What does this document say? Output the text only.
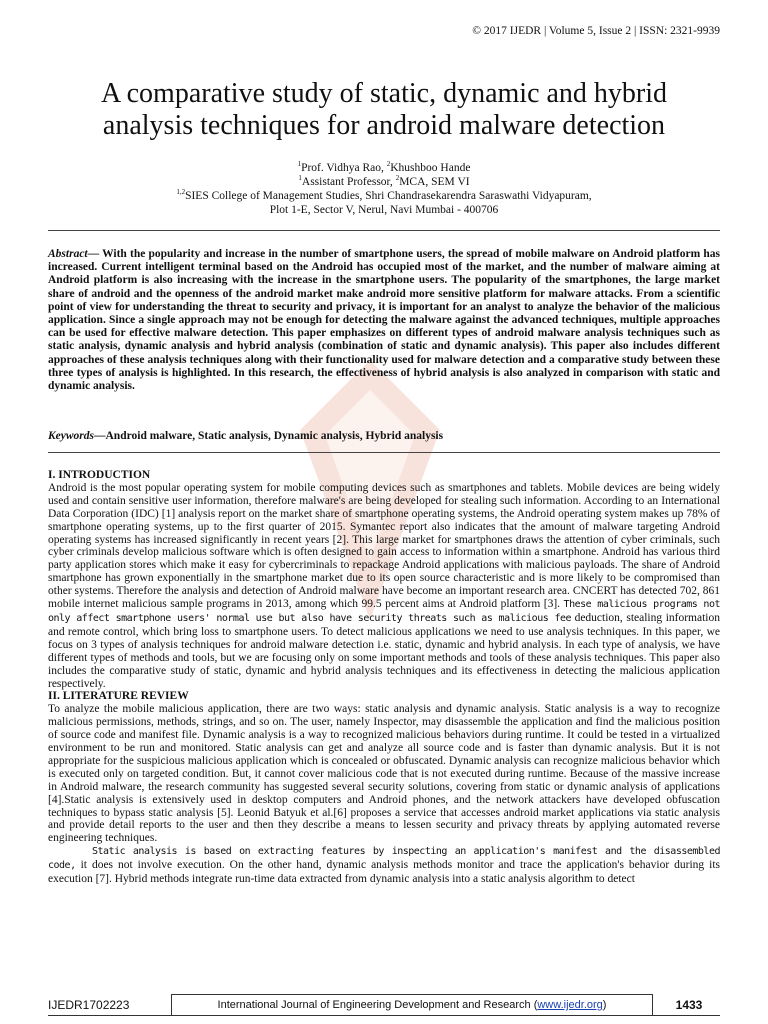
© 2017 IJEDR | Volume 5, Issue 2 | ISSN: 2321-9939
A comparative study of static, dynamic and hybrid
analysis techniques for android malware detection
$^1$Prof. Vidhya Rao, $^2$Khushboo Hande
$^1$Assistant Professor, $^2$MCA, SEM VI
$^{1,2}$SIES College of Management Studies, Shri Chandrasekarendra Saraswathi Vidyapuram,
Plot 1-E, Sector V, Nerul, Navi Mumbai - 400706
Abstract— With the popularity and increase in the number of smartphone users, the spread of mobile malware on Android platform has increased. Current intelligent terminal based on the Android has occupied most of the market, and the number of malware aiming at Android platform is also increasing with the increase in the smartphone users. The popularity of the smartphones, the large market share of android and the openness of the android market make android more sensitive platform for malware attacks. From a scientific point of view for understanding the threat to security and privacy, it is important for an analyst to analyze the behavior of the malicious application. Since a single approach may not be enough for detecting the malware against the advanced techniques, multiple approaches can be used for effective malware detection. This paper emphasizes on different types of android malware analysis techniques such as static analysis, dynamic analysis and hybrid analysis (combination of static and dynamic analysis). This paper also includes different approaches of these analysis techniques along with their functionality used for malware detection and a comparative study between these three types of analysis is highlighted. In this research, the effectiveness of hybrid analysis is also analyzed in comparison with static and dynamic analysis.
Keywords—Android malware, Static analysis, Dynamic analysis, Hybrid analysis
I. INTRODUCTION

Android is the most popular operating system for mobile computing devices such as smartphones and tablets. Mobile devices are being widely used and contain sensitive user information, therefore malware's are being developed for stealing such information. According to an International Data Corporation (IDC) [1] analysis report on the market share of smartphone operating systems, the Android operating system makes up 78% of smartphone operating systems, up to the first quarter of 2015. Symantec report also indicates that the amount of malware targeting Android operating systems has increased significantly in recent years [2]. This large market for smartphones draws the attention of cyber criminals, such cyber criminals develop malicious software which is often designed to gain access to information within a smartphone. Android has various third party application stores which make it easy for cybercriminals to repackage Android applications with malicious payloads. The share of Android smartphone has grown exponentially in the smartphone market due to its open source characteristic and is more likely to be compromised than other systems. Therefore the analysis and detection of Android malware have become an important research area. CNCERT has detected 702, 861 mobile internet malicious sample programs in 2013, among which 99.5 percent aims at Android platform [3]. These malicious programs not only affect smartphone users' normal use but also have security threats such as malicious fee deduction, stealing information and remote control, which bring loss to smartphone users. To detect malicious applications we need to use analysis techniques. In this paper, we focus on 3 types of analysis techniques for android malware detection i.e. static, dynamic and hybrid analysis. In each type of analysis, we have different types of methods and tools, but we are focusing only on some important methods and tools of these analysis techniques. This paper also includes the comparative study of static, dynamic and hybrid analysis techniques and its effectiveness in detecting the malicious application respectively.

II. LITERATURE REVIEW

To analyze the mobile malicious application, there are two ways: static analysis and dynamic analysis. Static analysis is a way to recognize malicious permissions, methods, strings, and so on. The user, namely Inspector, may disassemble the application and find the malicious position of source code and manifest file. Dynamic analysis is a way to recognized malicious behaviors during runtime. It could be tested in a virtualized environment to be run and monitored. Static analysis can get and analyze all source code and is faster than dynamic analysis. But it is not appropriate for the suspicious malicious application which is concealed or obfuscated. Dynamic analysis can recognize malicious behavior which is executed only on targeted condition. But, it cannot cover malicious code that is not executed during runtime. Because of the massive increase in Android malware, the research community has suggested several security solutions, covering from static or dynamic analysis of applications [4].Static analysis is extensively used in desktop computers and Android phones, and the network attackers have developed obfuscation techniques to bypass static analysis [5]. Leonid Batyuk et al.[6] proposes a service that accesses android market applications via static analysis and provide detail reports to the user and then they describe a means to lessen security and privacy threats by applying automated reverse engineering techniques.

Static analysis is based on extracting features by inspecting an application's manifest and the disassembled code, it does not involve execution. On the other hand, dynamic analysis methods monitor and trace the application's behavior during its execution [7]. Hybrid methods integrate run-time data extracted from dynamic analysis into a static analysis algorithm to detect

IJEDR1702223	International Journal of Engineering Development and Research (www.ijedr.org)	1433
